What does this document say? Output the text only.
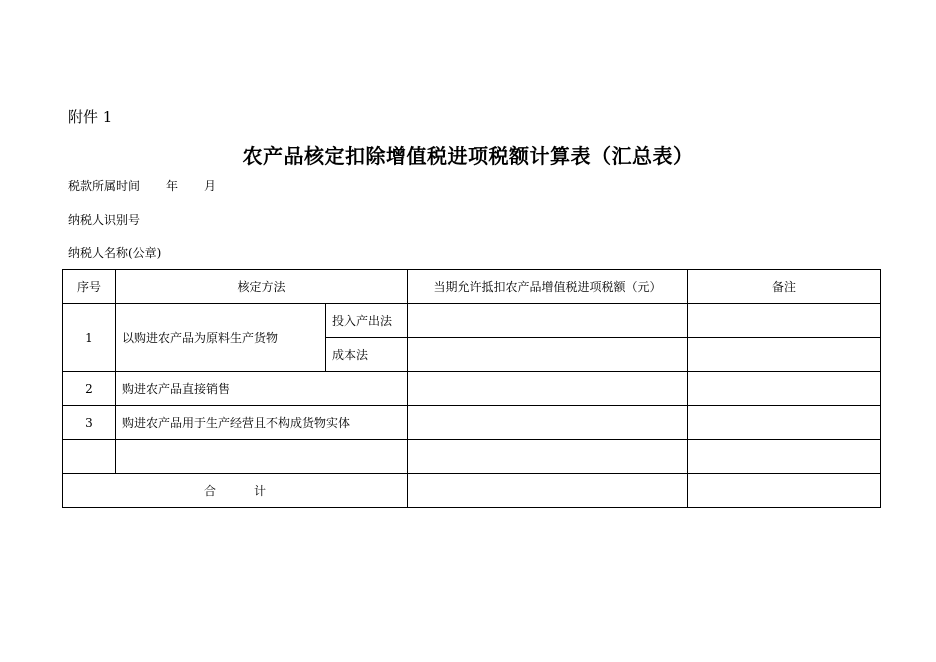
附件 1
农产品核定扣除增值税进项税额计算表（汇总表）
税款所属时间 年 月
纳税人识别号
纳税人名称(公章)
序号	核定方法		当期允许抵扣农产品增值税进项税额（元）	备注
1	以购进农产品为原料生产货物	投入产出法		
		成本法		
2	购进农产品直接销售			
3	购进农产品用于生产经营且不构成货物实体			

合 计				
